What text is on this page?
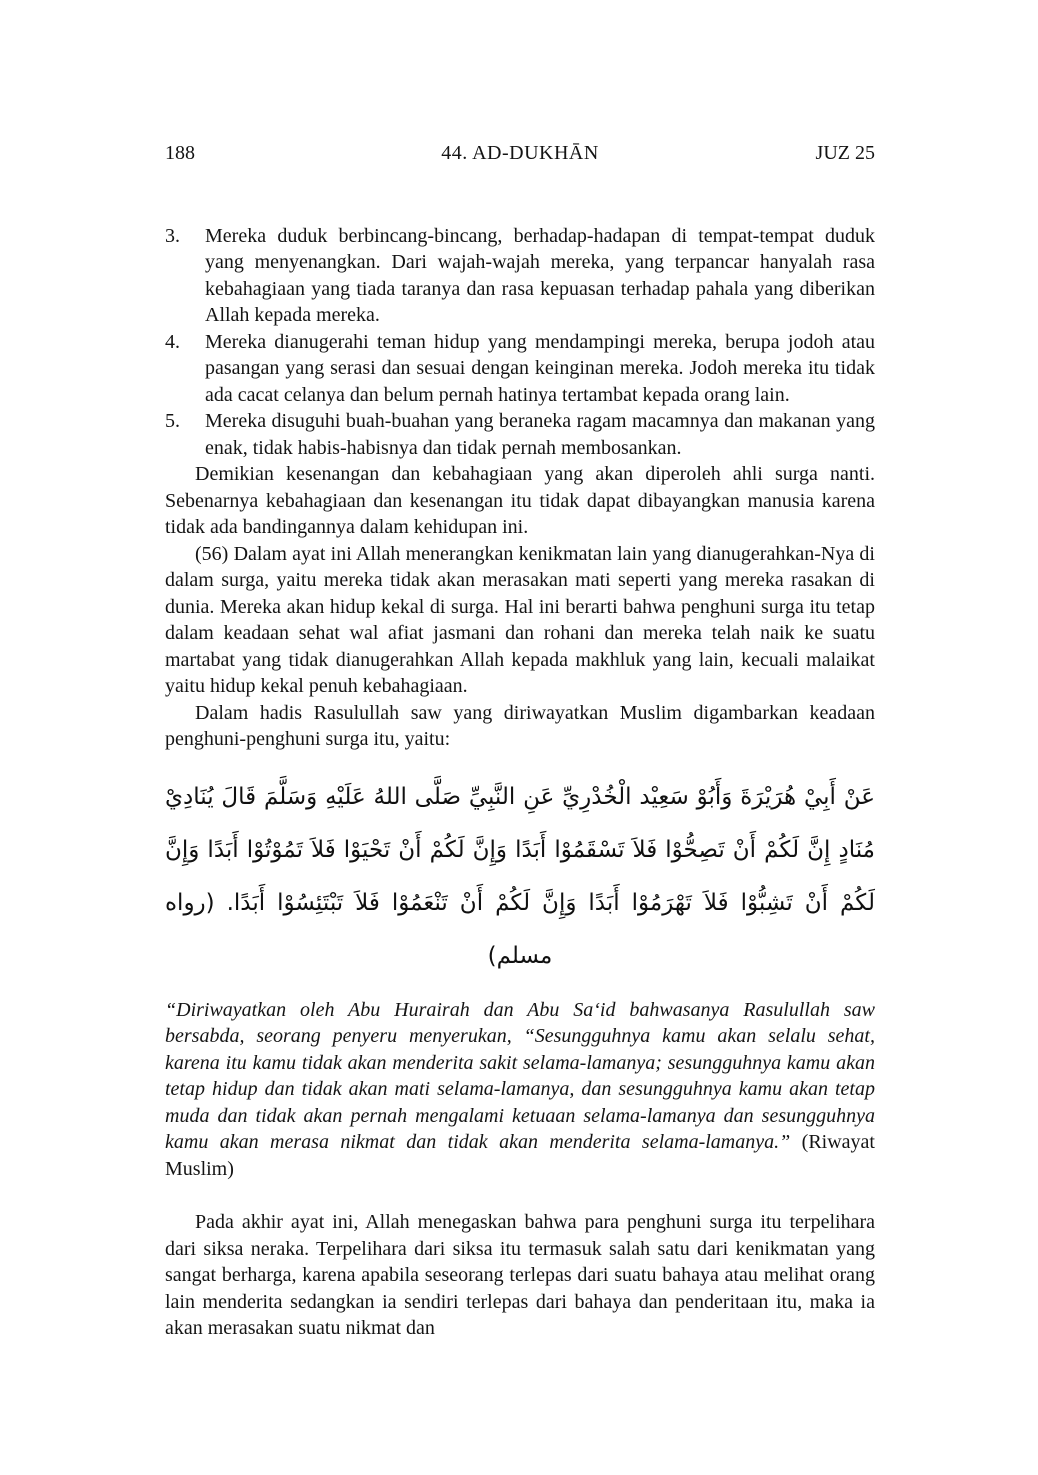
188	44. AD-DUKHĀN	JUZ 25
3.	Mereka duduk berbincang-bincang, berhadap-hadapan di tempat-tempat duduk yang menyenangkan. Dari wajah-wajah mereka, yang terpancar hanyalah rasa kebahagiaan yang tiada taranya dan rasa kepuasan terhadap pahala yang diberikan Allah kepada mereka.
4.	Mereka dianugerahi teman hidup yang mendampingi mereka, berupa jodoh atau pasangan yang serasi dan sesuai dengan keinginan mereka. Jodoh mereka itu tidak ada cacat celanya dan belum pernah hatinya tertambat kepada orang lain.
5.	Mereka disuguhi buah-buahan yang beraneka ragam macamnya dan makanan yang enak, tidak habis-habisnya dan tidak pernah membosankan.

Demikian kesenangan dan kebahagiaan yang akan diperoleh ahli surga nanti. Sebenarnya kebahagiaan dan kesenangan itu tidak dapat dibayangkan manusia karena tidak ada bandingannya dalam kehidupan ini.

(56) Dalam ayat ini Allah menerangkan kenikmatan lain yang dianugerahkan-Nya di dalam surga, yaitu mereka tidak akan merasakan mati seperti yang mereka rasakan di dunia. Mereka akan hidup kekal di surga. Hal ini berarti bahwa penghuni surga itu tetap dalam keadaan sehat wal afiat jasmani dan rohani dan mereka telah naik ke suatu martabat yang tidak dianugerahkan Allah kepada makhluk yang lain, kecuali malaikat yaitu hidup kekal penuh kebahagiaan.

Dalam hadis Rasulullah saw yang diriwayatkan Muslim digambarkan keadaan penghuni-penghuni surga itu, yaitu:

عَنْ أَبِيْ هُرَيْرَةَ وَأَبُوْ سَعِيْد الْخُدْرِيِّ عَنِ النَّبِيِّ صَلَّى اللهُ عَلَيْهِ وَسَلَّمَ قَالَ يُنَادِيْ مُنَادٍ إِنَّ لَكُمْ أَنْ تَصِحُّوْا فَلاَ تَسْقَمُوْا أَبَدًا وَإِنَّ لَكُمْ أَنْ تَحْيَوْا فَلاَ تَمُوْتُوْا أَبَدًا وَإِنَّ لَكُمْ أَنْ تَشِبُّوْا فَلاَ تَهْرَمُوْا أَبَدًا وَإِنَّ لَكُمْ أَنْ تَنْعَمُوْا فَلاَ تَبْتَئِسُوْا أَبَدًا. (رواه مسلم)

“Diriwayatkan oleh Abu Hurairah dan Abu Sa‘id bahwasanya Rasulullah saw bersabda, seorang penyeru menyerukan, “Sesungguhnya kamu akan selalu sehat, karena itu kamu tidak akan menderita sakit selama-lamanya; sesungguhnya kamu akan tetap hidup dan tidak akan mati selama-lamanya, dan sesungguhnya kamu akan tetap muda dan tidak akan pernah mengalami ketuaan selama-lamanya dan sesungguhnya kamu akan merasa nikmat dan tidak akan menderita selama-lamanya.” (Riwayat Muslim)

Pada akhir ayat ini, Allah menegaskan bahwa para penghuni surga itu terpelihara dari siksa neraka. Terpelihara dari siksa itu termasuk salah satu dari kenikmatan yang sangat berharga, karena apabila seseorang terlepas dari suatu bahaya atau melihat orang lain menderita sedangkan ia sendiri terlepas dari bahaya dan penderitaan itu, maka ia akan merasakan suatu nikmat dan
